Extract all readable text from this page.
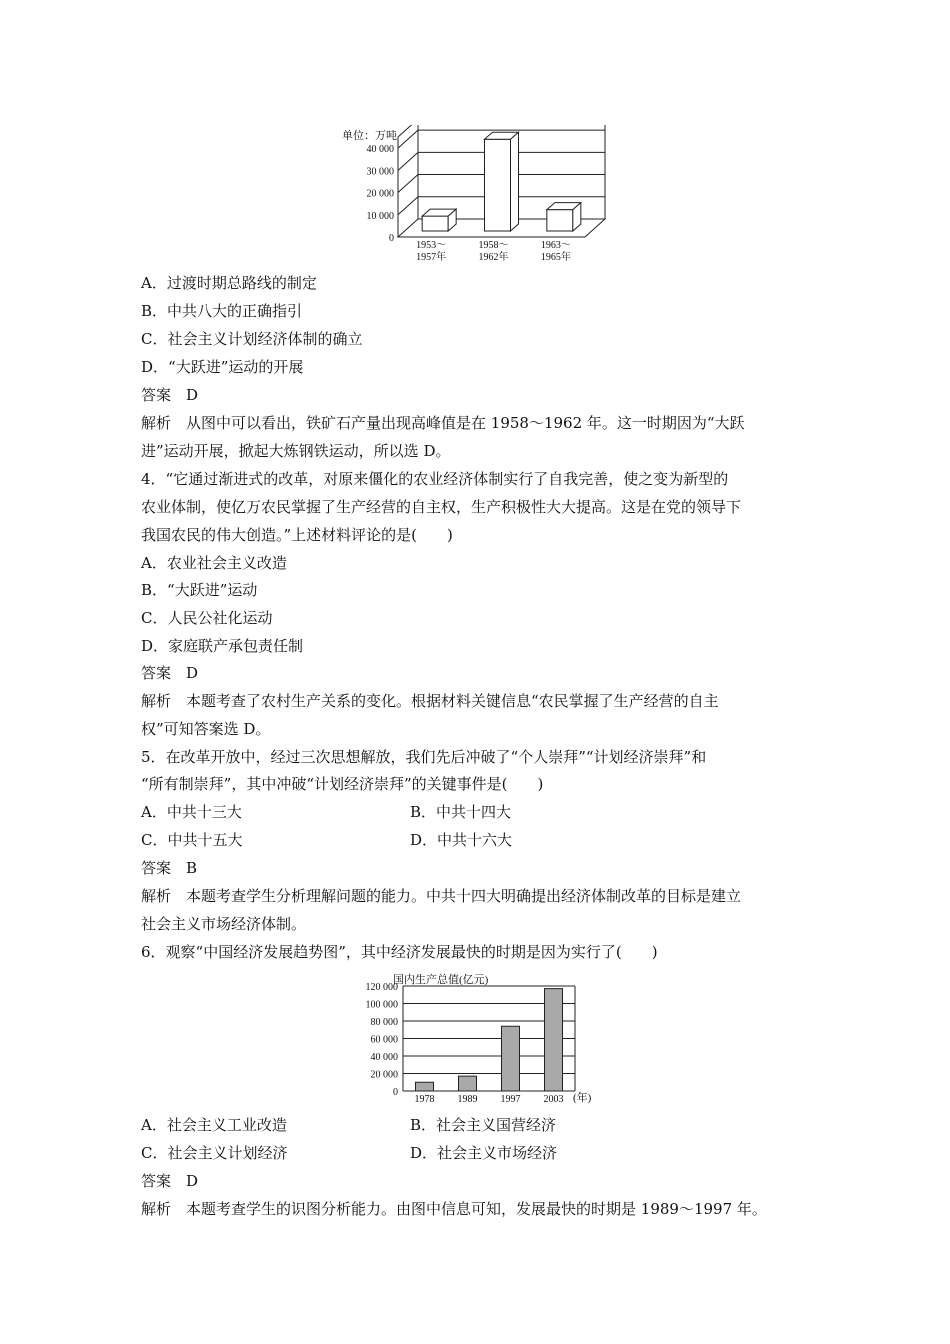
单位：万吨
0
10 000
20 000
30 000
40 000
1953～
1957年
1958～
1962年
1963～
1965年
A．过渡时期总路线的制定
B．中共八大的正确指引
C．社会主义计划经济体制的确立
D．“大跃进”运动的开展
答案　D
解析　从图中可以看出，铁矿石产量出现高峰值是在 1958～1962 年。这一时期因为“大跃
进”运动开展，掀起大炼钢铁运动，所以选 D。
4．“它通过渐进式的改革，对原来僵化的农业经济体制实行了自我完善，使之变为新型的
农业体制，使亿万农民掌握了生产经营的自主权，生产积极性大大提高。这是在党的领导下
我国农民的伟大创造。”上述材料评论的是(　　)
A．农业社会主义改造
B．“大跃进”运动
C．人民公社化运动
D．家庭联产承包责任制
答案　D
解析　本题考查了农村生产关系的变化。根据材料关键信息“农民掌握了生产经营的自主
权”可知答案选 D。
5．在改革开放中，经过三次思想解放，我们先后冲破了“个人崇拜”“计划经济崇拜”和
“所有制崇拜”，其中冲破“计划经济崇拜”的关键事件是(　　)
A．中共十三大	B．中共十四大
C．中共十五大	D．中共十六大
答案　B
解析　本题考查学生分析理解问题的能力。中共十四大明确提出经济体制改革的目标是建立
社会主义市场经济体制。
6．观察“中国经济发展趋势图”，其中经济发展最快的时期是因为实行了(　　)
国内生产总值(亿元)
0
20 000
40 000
60 000
80 000
100 000
120 000
1978 1989 1997 2003 (年)
A．社会主义工业改造	B．社会主义国营经济
C．社会主义计划经济	D．社会主义市场经济
答案　D
解析　本题考查学生的识图分析能力。由图中信息可知，发展最快的时期是 1989～1997 年。
